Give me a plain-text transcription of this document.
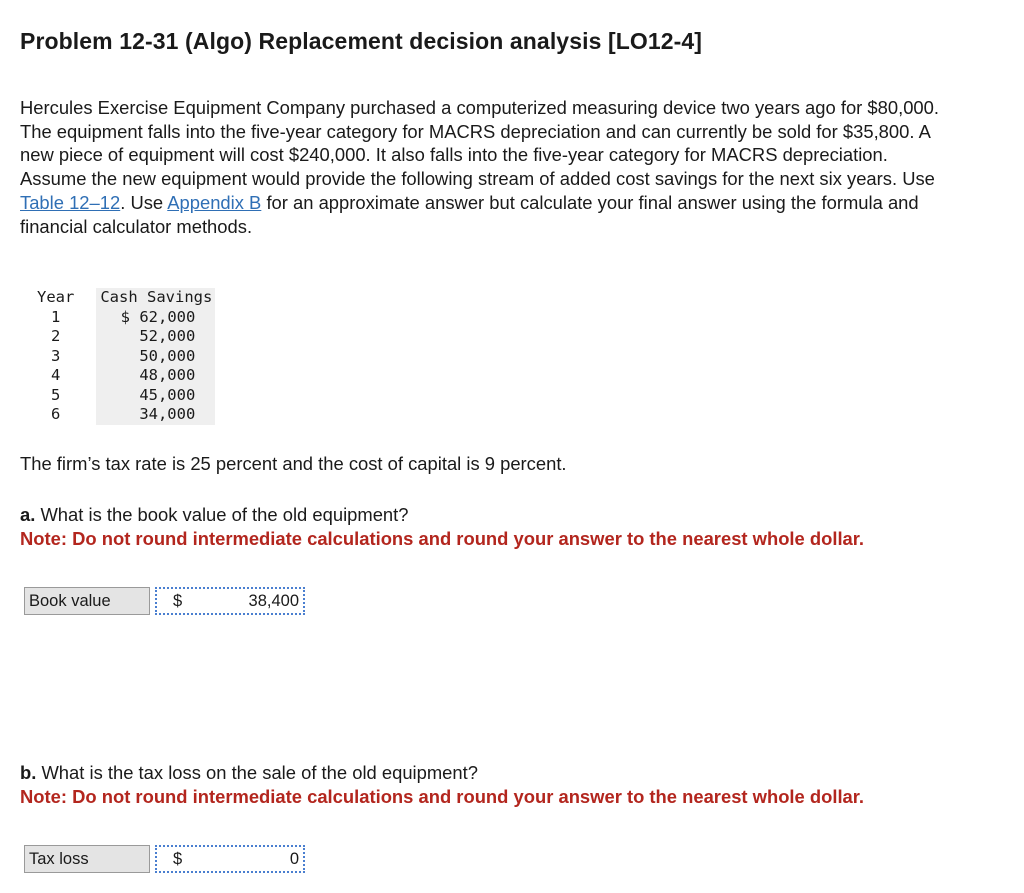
Problem 12-31 (Algo) Replacement decision analysis [LO12-4]
Hercules Exercise Equipment Company purchased a computerized measuring device two years ago for $80,000. The equipment falls into the five-year category for MACRS depreciation and can currently be sold for $35,800. A new piece of equipment will cost $240,000. It also falls into the five-year category for MACRS depreciation. Assume the new equipment would provide the following stream of added cost savings for the next six years. Use Table 12–12. Use Appendix B for an approximate answer but calculate your final answer using the formula and financial calculator methods.
Year	Cash Savings
1	$ 62,000
2	52,000
3	50,000
4	48,000
5	45,000
6	34,000
The firm’s tax rate is 25 percent and the cost of capital is 9 percent.
a. What is the book value of the old equipment?
Note: Do not round intermediate calculations and round your answer to the nearest whole dollar.
Book value	$	38,400
b. What is the tax loss on the sale of the old equipment?
Note: Do not round intermediate calculations and round your answer to the nearest whole dollar.
Tax loss	$	0
